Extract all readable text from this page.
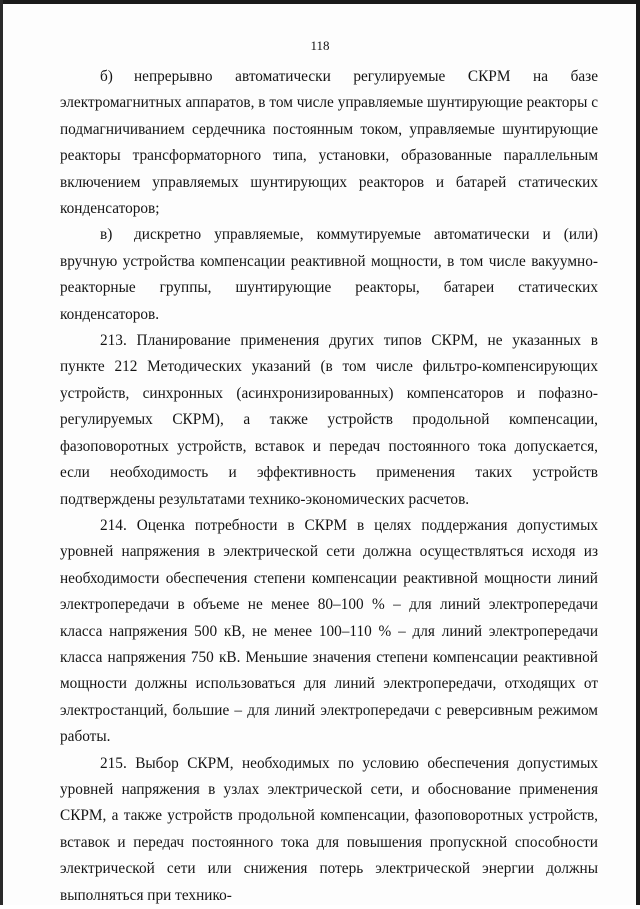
118

б) непрерывно автоматически регулируемые СКРМ на базе электромагнитных аппаратов, в том числе управляемые шунтирующие реакторы с подмагничиванием сердечника постоянным током, управляемые шунтирующие реакторы трансформаторного типа, установки, образованные параллельным включением управляемых шунтирующих реакторов и батарей статических конденсаторов;

в) дискретно управляемые, коммутируемые автоматически и (или) вручную устройства компенсации реактивной мощности, в том числе вакуумно-реакторные группы, шунтирующие реакторы, батареи статических конденсаторов.

213. Планирование применения других типов СКРМ, не указанных в пункте 212 Методических указаний (в том числе фильтро-компенсирующих устройств, синхронных (асинхронизированных) компенсаторов и пофазно-регулируемых СКРМ), а также устройств продольной компенсации, фазоповоротных устройств, вставок и передач постоянного тока допускается, если необходимость и эффективность применения таких устройств подтверждены результатами технико-экономических расчетов.

214. Оценка потребности в СКРМ в целях поддержания допустимых уровней напряжения в электрической сети должна осуществляться исходя из необходимости обеспечения степени компенсации реактивной мощности линий электропередачи в объеме не менее 80–100 % – для линий электропередачи класса напряжения 500 кВ, не менее 100–110 % – для линий электропередачи класса напряжения 750 кВ. Меньшие значения степени компенсации реактивной мощности должны использоваться для линий электропередачи, отходящих от электростанций, большие – для линий электропередачи с реверсивным режимом работы.

215. Выбор СКРМ, необходимых по условию обеспечения допустимых уровней напряжения в узлах электрической сети, и обоснование применения СКРМ, а также устройств продольной компенсации, фазоповоротных устройств, вставок и передач постоянного тока для повышения пропускной способности электрической сети или снижения потерь электрической энергии должны выполняться при технико-
